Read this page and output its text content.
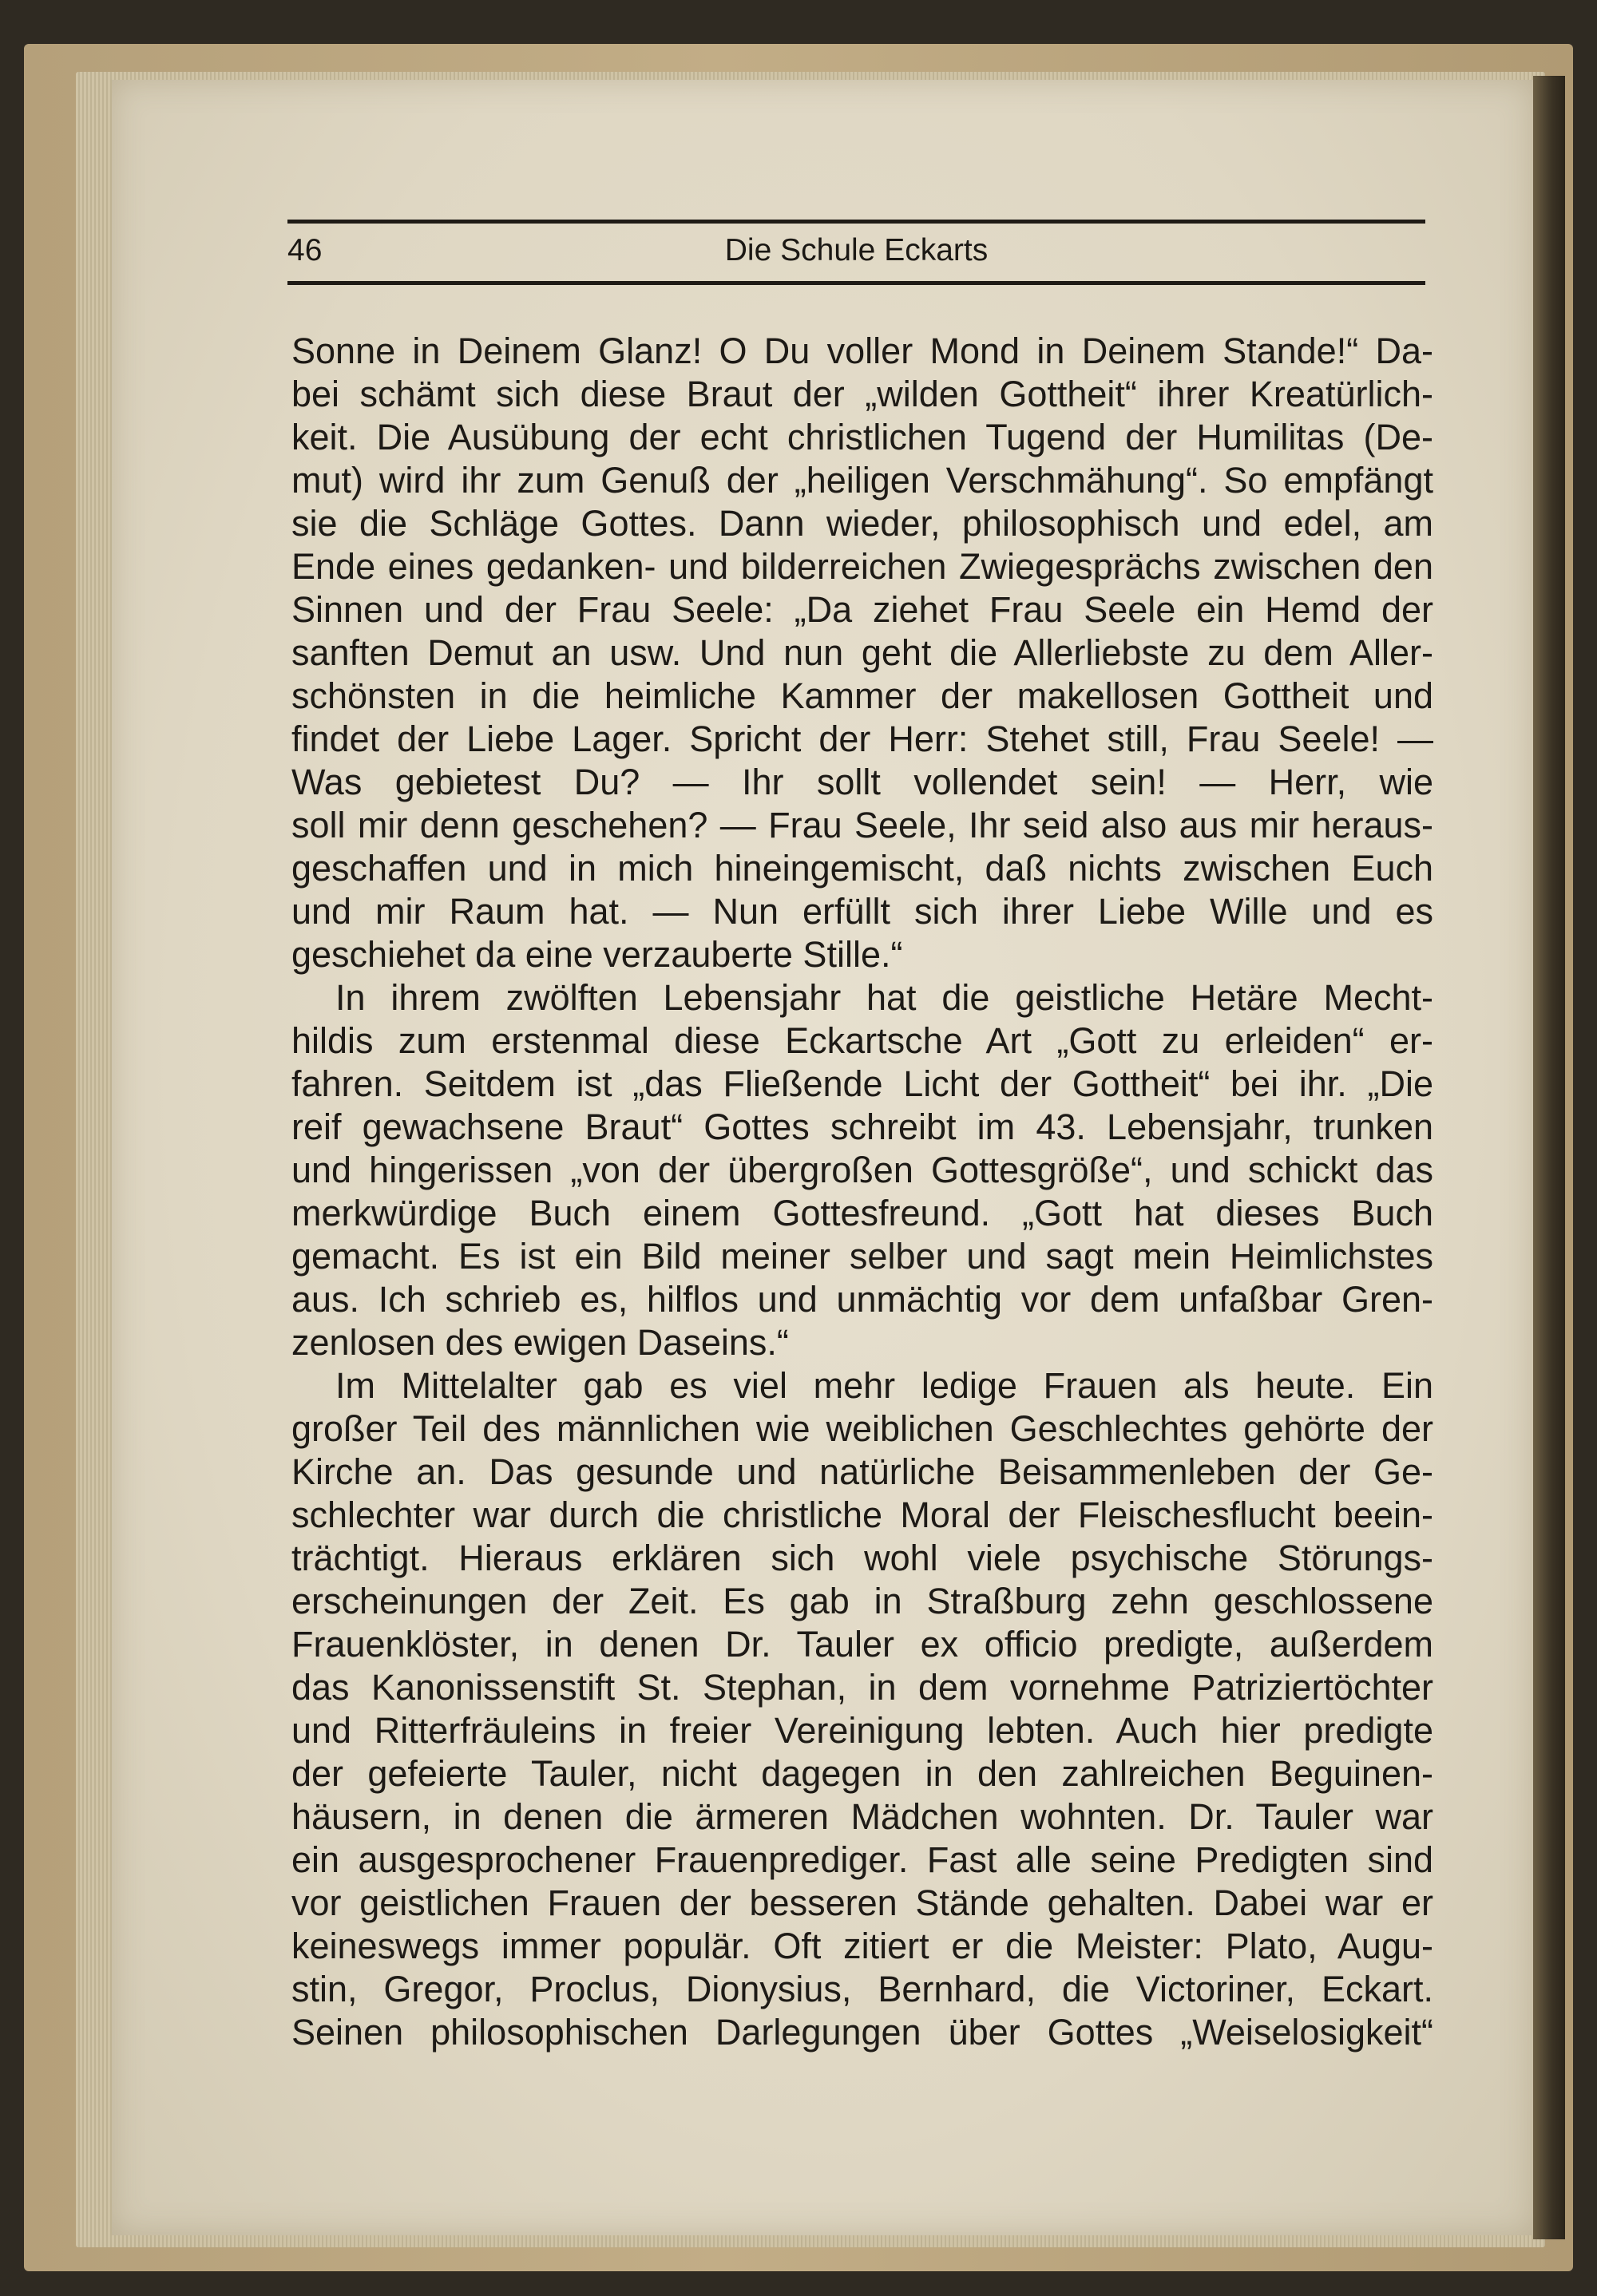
46	Die Schule Eckarts
Sonne in Deinem Glanz! O Du voller Mond in Deinem Stande!“ Da-
bei schämt sich diese Braut der „wilden Gottheit“ ihrer Kreatürlich-
keit. Die Ausübung der echt christlichen Tugend der Humilitas (De-
mut) wird ihr zum Genuß der „heiligen Verschmähung“. So empfängt
sie die Schläge Gottes. Dann wieder, philosophisch und edel, am
Ende eines gedanken- und bilderreichen Zwiegesprächs zwischen den
Sinnen und der Frau Seele: „Da ziehet Frau Seele ein Hemd der
sanften Demut an usw. Und nun geht die Allerliebste zu dem Aller-
schönsten in die heimliche Kammer der makellosen Gottheit und
findet der Liebe Lager. Spricht der Herr: Stehet still, Frau Seele! —
Was gebietest Du? — Ihr sollt vollendet sein! — Herr, wie
soll mir denn geschehen? — Frau Seele, Ihr seid also aus mir heraus-
geschaffen und in mich hineingemischt, daß nichts zwischen Euch
und mir Raum hat. — Nun erfüllt sich ihrer Liebe Wille und es
geschiehet da eine verzauberte Stille.“
In ihrem zwölften Lebensjahr hat die geistliche Hetäre Mecht-
hildis zum erstenmal diese Eckartsche Art „Gott zu erleiden“ er-
fahren. Seitdem ist „das Fließende Licht der Gottheit“ bei ihr. „Die
reif gewachsene Braut“ Gottes schreibt im 43. Lebensjahr, trunken
und hingerissen „von der übergroßen Gottesgröße“, und schickt das
merkwürdige Buch einem Gottesfreund. „Gott hat dieses Buch
gemacht. Es ist ein Bild meiner selber und sagt mein Heimlichstes
aus. Ich schrieb es, hilflos und unmächtig vor dem unfaßbar Gren-
zenlosen des ewigen Daseins.“
Im Mittelalter gab es viel mehr ledige Frauen als heute. Ein
großer Teil des männlichen wie weiblichen Geschlechtes gehörte der
Kirche an. Das gesunde und natürliche Beisammenleben der Ge-
schlechter war durch die christliche Moral der Fleischesflucht beein-
trächtigt. Hieraus erklären sich wohl viele psychische Störungs-
erscheinungen der Zeit. Es gab in Straßburg zehn geschlossene
Frauenklöster, in denen Dr. Tauler ex officio predigte, außerdem
das Kanonissenstift St. Stephan, in dem vornehme Patriziertöchter
und Ritterfräuleins in freier Vereinigung lebten. Auch hier predigte
der gefeierte Tauler, nicht dagegen in den zahlreichen Beguinen-
häusern, in denen die ärmeren Mädchen wohnten. Dr. Tauler war
ein ausgesprochener Frauenprediger. Fast alle seine Predigten sind
vor geistlichen Frauen der besseren Stände gehalten. Dabei war er
keineswegs immer populär. Oft zitiert er die Meister: Plato, Augu-
stin, Gregor, Proclus, Dionysius, Bernhard, die Victoriner, Eckart.
Seinen philosophischen Darlegungen über Gottes „Weiselosigkeit“
